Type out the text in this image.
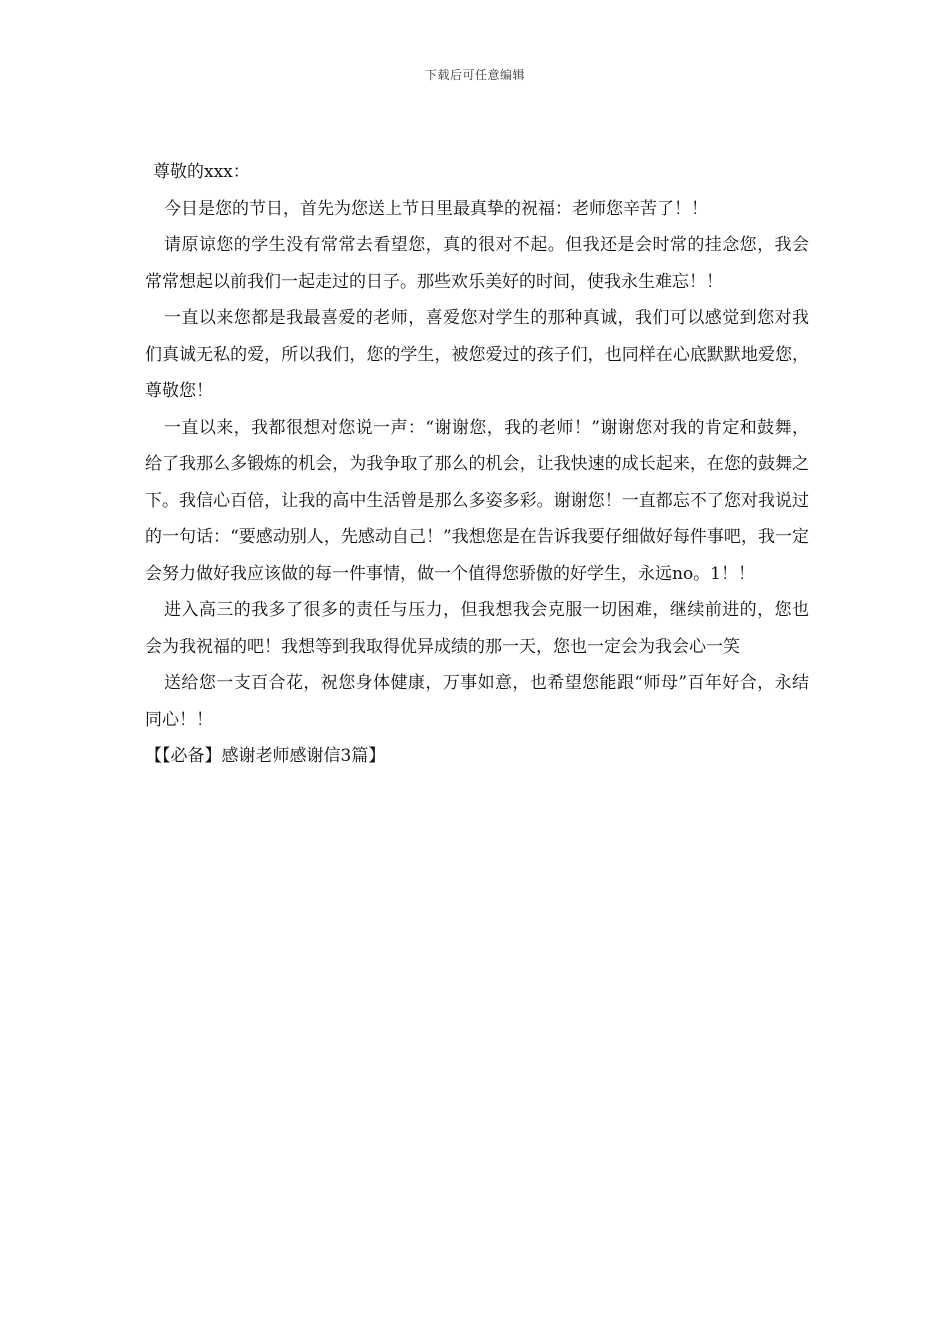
下载后可任意编辑

尊敬的xxx：

今日是您的节日，首先为您送上节日里最真挚的祝福：老师您辛苦了！！

请原谅您的学生没有常常去看望您，真的很对不起。但我还是会时常的挂念您，我会常常想起以前我们一起走过的日子。那些欢乐美好的时间，使我永生难忘！！

一直以来您都是我最喜爱的老师，喜爱您对学生的那种真诚，我们可以感觉到您对我们真诚无私的爱，所以我们，您的学生，被您爱过的孩子们，也同样在心底默默地爱您，尊敬您！

一直以来，我都很想对您说一声：“谢谢您，我的老师！”谢谢您对我的肯定和鼓舞，给了我那么多锻炼的机会，为我争取了那么的机会，让我快速的成长起来，在您的鼓舞之下。我信心百倍，让我的高中生活曾是那么多姿多彩。谢谢您！一直都忘不了您对我说过的一句话：“要感动别人，先感动自己！”我想您是在告诉我要仔细做好每件事吧，我一定会努力做好我应该做的每一件事情，做一个值得您骄傲的好学生，永远no。1！！

进入高三的我多了很多的责任与压力，但我想我会克服一切困难，继续前进的，您也会为我祝福的吧！我想等到我取得优异成绩的那一天，您也一定会为我会心一笑

送给您一支百合花，祝您身体健康，万事如意，也希望您能跟“师母”百年好合，永结同心！！

【【必备】感谢老师感谢信3篇】
